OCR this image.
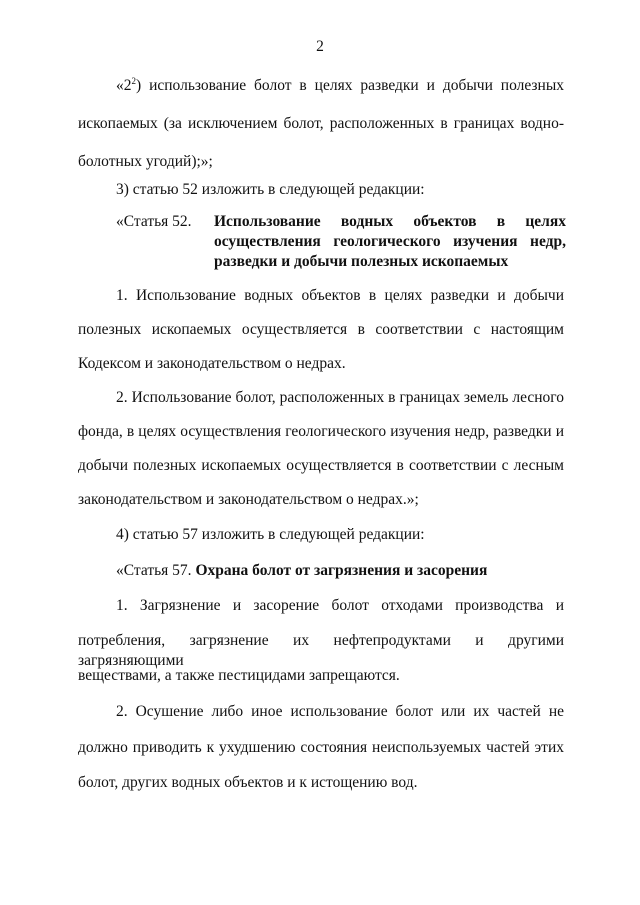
2
«$2^2$) использование болот в целях разведки и добычи полезных
ископаемых (за исключением болот, расположенных в границах водно-
болотных угодий);»;
3) статью 52 изложить в следующей редакции:
«Статья 52. Использование водных объектов в целях
осуществления геологического изучения недр,
разведки и добычи полезных ископаемых
1. Использование водных объектов в целях разведки и добычи
полезных ископаемых осуществляется в соответствии с настоящим
Кодексом и законодательством о недрах.
2. Использование болот, расположенных в границах земель лесного
фонда, в целях осуществления геологического изучения недр, разведки и
добычи полезных ископаемых осуществляется в соответствии с лесным
законодательством и законодательством о недрах.»;
4) статью 57 изложить в следующей редакции:
«Статья 57. Охрана болот от загрязнения и засорения
1. Загрязнение и засорение болот отходами производства и
потребления, загрязнение их нефтепродуктами и другими загрязняющими
веществами, а также пестицидами запрещаются.
2. Осушение либо иное использование болот или их частей не
должно приводить к ухудшению состояния неиспользуемых частей этих
болот, других водных объектов и к истощению вод.
